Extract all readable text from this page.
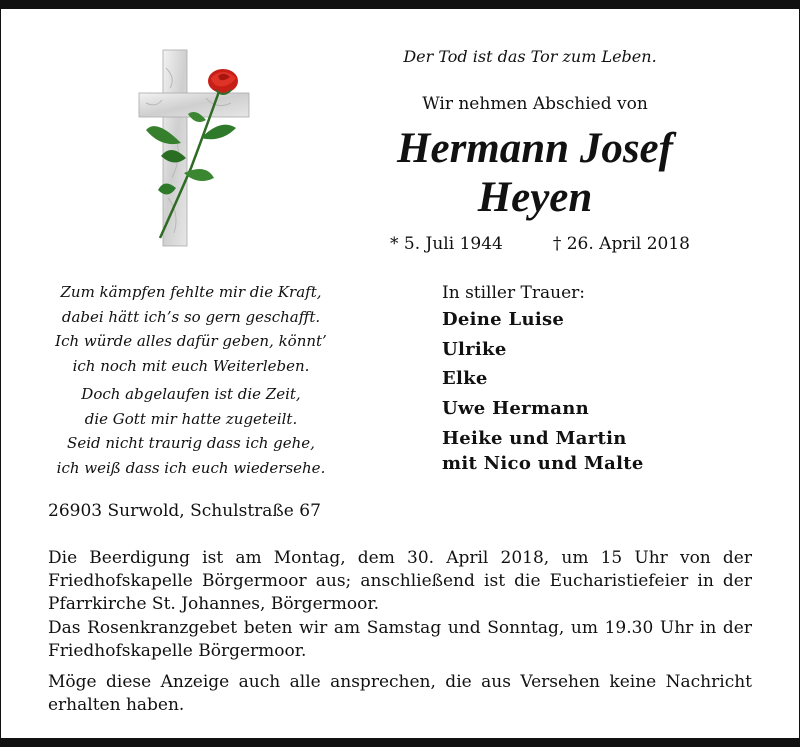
Der Tod ist das Tor zum Leben.
Wir nehmen Abschied von
Hermann Josef
Heyen
* 5. Juli 1944	† 26. April 2018
Zum kämpfen fehlte mir die Kraft,
dabei hätt ich’s so gern geschafft.
Ich würde alles dafür geben, könnt’
ich noch mit euch Weiterleben.
Doch abgelaufen ist die Zeit,
die Gott mir hatte zugeteilt.
Seid nicht traurig dass ich gehe,
ich weiß dass ich euch wiedersehe.
In stiller Trauer:
Deine Luise
Ulrike
Elke
Uwe Hermann
Heike und Martin
mit Nico und Malte
26903 Surwold, Schulstraße 67
Die Beerdigung ist am Montag, dem 30. April 2018, um 15 Uhr von der Friedhofskapelle Börgermoor aus; anschließend ist die Eucharistiefeier in der Pfarrkirche St. Johannes, Börgermoor.
Das Rosenkranzgebet beten wir am Samstag und Sonntag, um 19.30 Uhr in der Friedhofskapelle Börgermoor.
Möge diese Anzeige auch alle ansprechen, die aus Versehen keine Nachricht erhalten haben.
